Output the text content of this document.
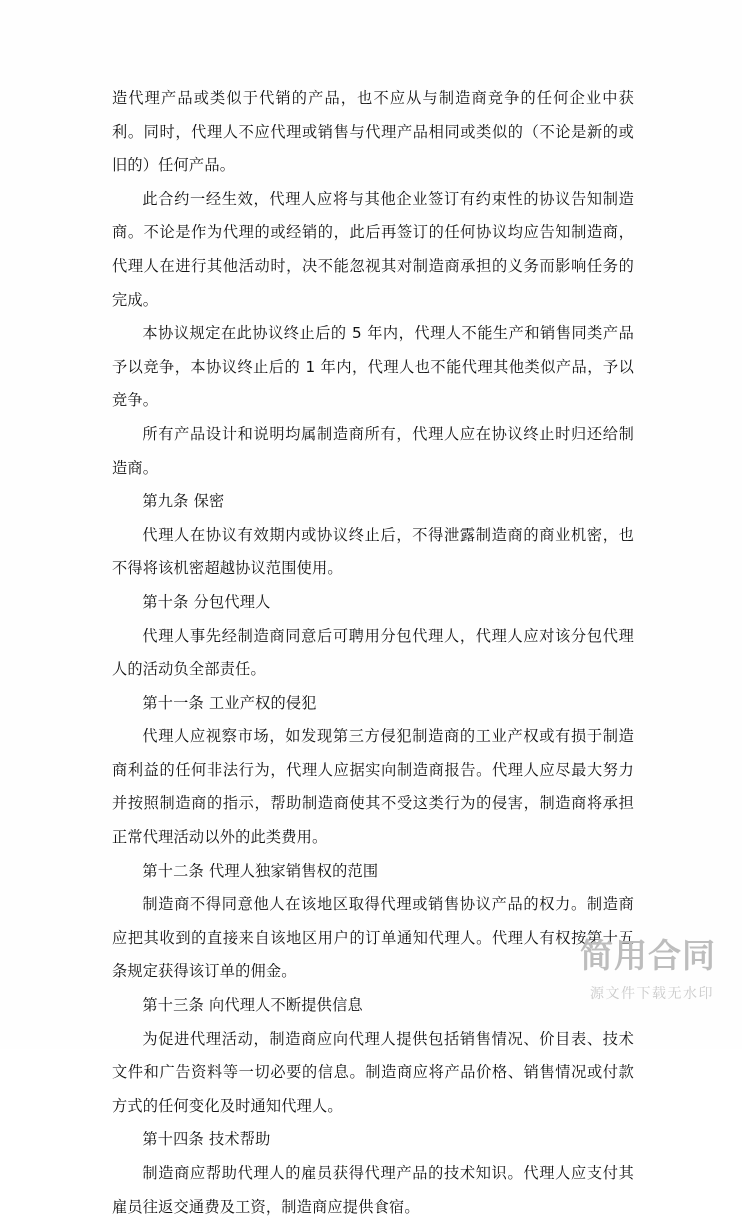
造代理产品或类似于代销的产品，也不应从与制造商竞争的任何企业中获利。同时，代理人不应代理或销售与代理产品相同或类似的（不论是新的或旧的）任何产品。

此合约一经生效，代理人应将与其他企业签订有约束性的协议告知制造商。不论是作为代理的或经销的，此后再签订的任何协议均应告知制造商，代理人在进行其他活动时，决不能忽视其对制造商承担的义务而影响任务的完成。

本协议规定在此协议终止后的 5 年内，代理人不能生产和销售同类产品予以竞争，本协议终止后的 1 年内，代理人也不能代理其他类似产品，予以竞争。

所有产品设计和说明均属制造商所有，代理人应在协议终止时归还给制造商。

第九条 保密

代理人在协议有效期内或协议终止后，不得泄露制造商的商业机密，也不得将该机密超越协议范围使用。

第十条 分包代理人

代理人事先经制造商同意后可聘用分包代理人，代理人应对该分包代理人的活动负全部责任。

第十一条 工业产权的侵犯

代理人应视察市场，如发现第三方侵犯制造商的工业产权或有损于制造商利益的任何非法行为，代理人应据实向制造商报告。代理人应尽最大努力并按照制造商的指示，帮助制造商使其不受这类行为的侵害，制造商将承担正常代理活动以外的此类费用。

第十二条 代理人独家销售权的范围

制造商不得同意他人在该地区取得代理或销售协议产品的权力。制造商应把其收到的直接来自该地区用户的订单通知代理人。代理人有权按第十五条规定获得该订单的佣金。

第十三条 向代理人不断提供信息

为促进代理活动，制造商应向代理人提供包括销售情况、价目表、技术文件和广告资料等一切必要的信息。制造商应将产品价格、销售情况或付款方式的任何变化及时通知代理人。

第十四条 技术帮助

制造商应帮助代理人的雇员获得代理产品的技术知识。代理人应支付其雇员往返交通费及工资，制造商应提供食宿。

简用合同
源文件下载无水印
